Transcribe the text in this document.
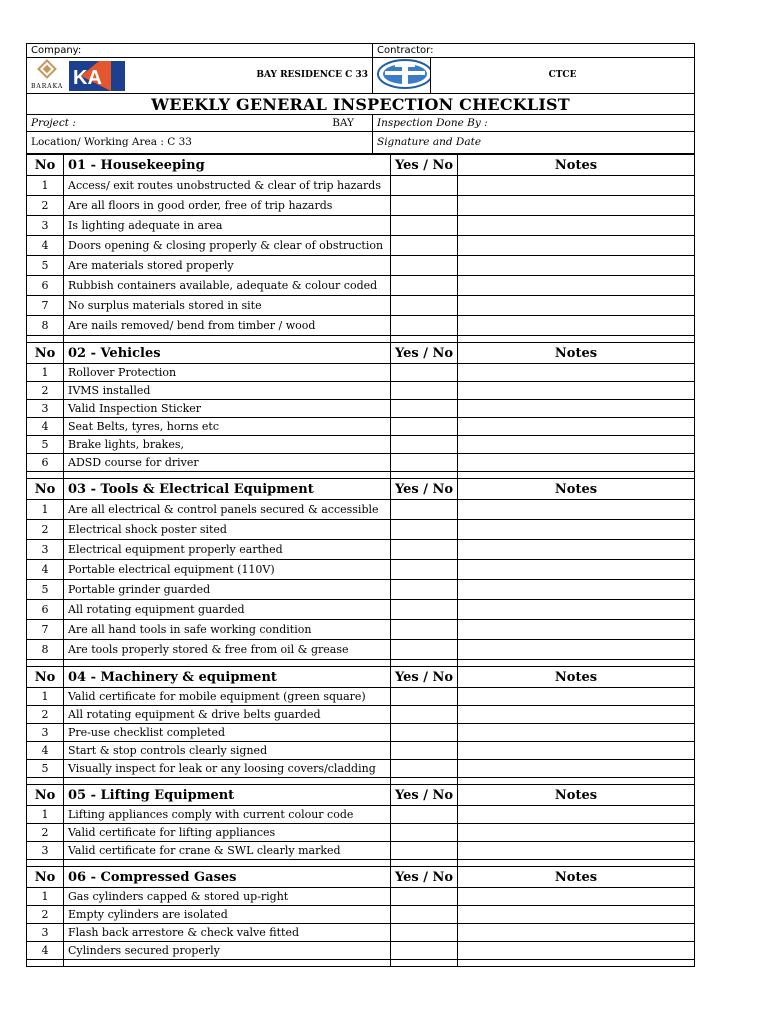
Company:	Contractor:	

BARAKA KA BAY RESIDENCE C 33		CTCE
WEEKLY GENERAL INSPECTION CHECKLIST		

Project : BAY	Inspection Done By :	
Location/ Working Area : C 33	Signature and Date	
No	01 - Housekeeping	Yes / No	Notes
1	Access/ exit routes unobstructed & clear of trip hazards		
2	Are all floors in good order, free of trip hazards		
3	Is lighting adequate in area		
4	Doors opening & closing properly & clear of obstruction		
5	Are materials stored properly		
6	Rubbish containers available, adequate & colour coded		
7	No surplus materials stored in site		
8	Are nails removed/ bend from timber / wood		

No	02 - Vehicles	Yes / No	Notes
1	Rollover Protection		
2	IVMS installed		
3	Valid Inspection Sticker		
4	Seat Belts, tyres, horns etc		
5	Brake lights, brakes,		
6	ADSD course for driver		

No	03 - Tools & Electrical Equipment	Yes / No	Notes
1	Are all electrical & control panels secured & accessible		
2	Electrical shock poster sited		
3	Electrical equipment properly earthed		
4	Portable electrical equipment (110V)		
5	Portable grinder guarded		
6	All rotating equipment guarded		
7	Are all hand tools in safe working condition		
8	Are tools properly stored & free from oil & grease		

No	04 - Machinery & equipment	Yes / No	Notes
1	Valid certificate for mobile equipment (green square)		
2	All rotating equipment & drive belts guarded		
3	Pre-use checklist completed		
4	Start & stop controls clearly signed		
5	Visually inspect for leak or any loosing covers/cladding		

No	05 - Lifting Equipment	Yes / No	Notes
1	Lifting appliances comply with current colour code		
2	Valid certificate for lifting appliances		
3	Valid certificate for crane & SWL clearly marked		

No	06 - Compressed Gases	Yes / No	Notes
1	Gas cylinders capped & stored up-right		
2	Empty cylinders are isolated		
3	Flash back arrestore & check valve fitted		
4	Cylinders secured properly		
